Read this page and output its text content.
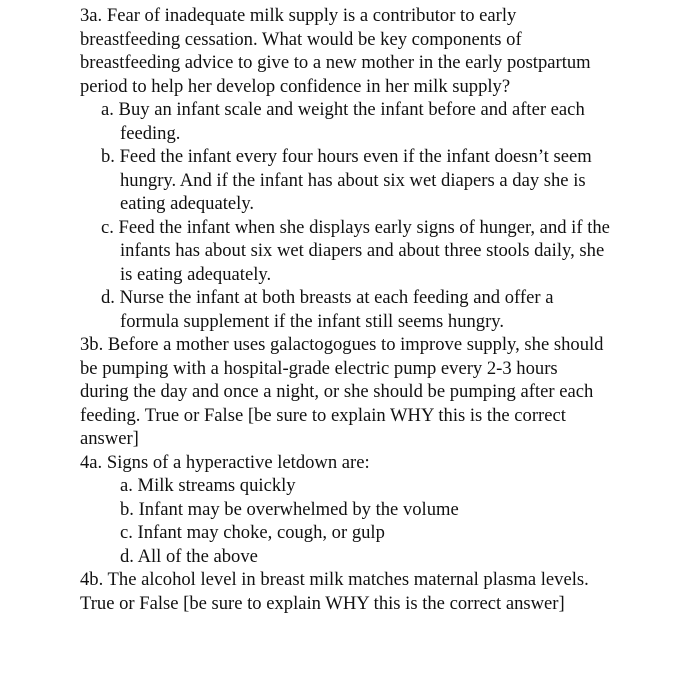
3a. Fear of inadequate milk supply is a contributor to early breastfeeding cessation. What would be key components of breastfeeding advice to give to a new mother in the early postpartum period to help her develop confidence in her milk supply?

a. Buy an infant scale and weight the infant before and after each feeding.
b. Feed the infant every four hours even if the infant doesn’t seem hungry. And if the infant has about six wet diapers a day she is eating adequately.
c. Feed the infant when she displays early signs of hunger, and if the infants has about six wet diapers and about three stools daily, she is eating adequately.
d. Nurse the infant at both breasts at each feeding and offer a formula supplement if the infant still seems hungry.

3b. Before a mother uses galactogogues to improve supply, she should be pumping with a hospital-grade electric pump every 2-3 hours during the day and once a night, or she should be pumping after each feeding. True or False [be sure to explain WHY this is the correct answer]

4a. Signs of a hyperactive letdown are:

a. Milk streams quickly
b. Infant may be overwhelmed by the volume
c. Infant may choke, cough, or gulp
d. All of the above

4b. The alcohol level in breast milk matches maternal plasma levels. True or False [be sure to explain WHY this is the correct answer]
